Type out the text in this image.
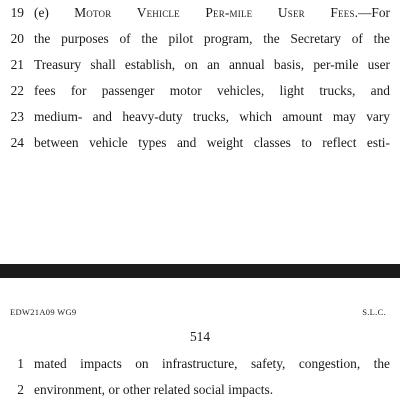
19 (e) Motor Vehicle Per-mile User Fees.—For
20 the purposes of the pilot program, the Secretary of the
21 Treasury shall establish, on an annual basis, per-mile user
22 fees for passenger motor vehicles, light trucks, and
23 medium- and heavy-duty trucks, which amount may vary
24 between vehicle types and weight classes to reflect esti-
EDW21A09 WG9	S.L.C.
514
1 mated impacts on infrastructure, safety, congestion, the
2 environment, or other related social impacts.
